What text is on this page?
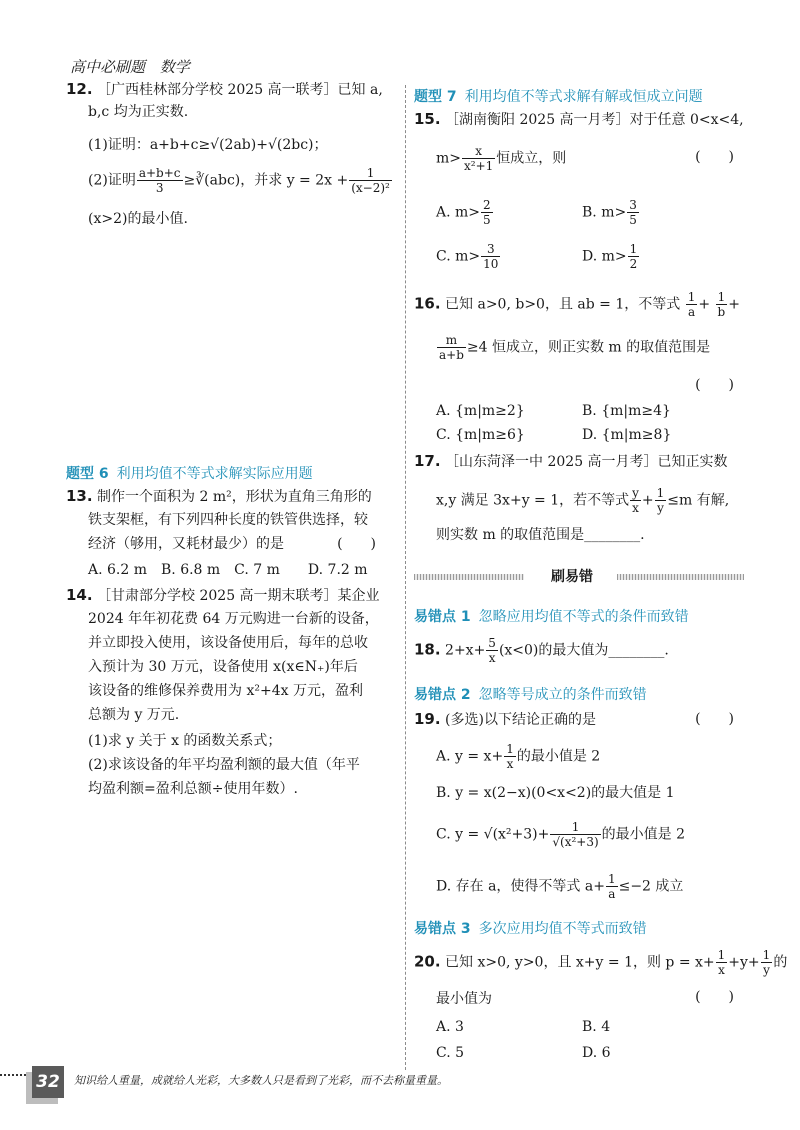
高中必刷题 数学
12. ［广西桂林部分学校 2025 高一联考］已知 a,
b,c 均为正实数.
(1)证明：a+b+c≥√(2ab)+√(2bc)；
(2)证明 $\frac{a+b+c}{3}$ ≥∛(abc)，并求 $y = 2x + \frac{1}{\text{(x−2)²}}$
(x>2)的最小值.
题型 6 利用均值不等式求解实际应用题
13. 制作一个面积为 2 m²，形状为直角三角形的
铁支架框，有下列四种长度的铁管供选择，较
经济（够用，又耗材最少）的是	(　　)
A. 6.2 m　B. 6.8 m　C. 7 m　　D. 7.2 m
14. ［甘肃部分学校 2025 高一期末联考］某企业
2024 年年初花费 64 万元购进一台新的设备，
并立即投入使用，该设备使用后，每年的总收
入预计为 30 万元，设备使用 x(x∈N₊)年后
该设备的维修保养费用为 x²+4x 万元，盈利
总额为 y 万元.
(1)求 y 关于 x 的函数关系式；
(2)求该设备的年平均盈利额的最大值（年平
均盈利额=盈利总额÷使用年数）.
题型 7 利用均值不等式求解有解或恒成立问题
15. ［湖南衡阳 2025 高一月考］对于任意 0<x<4,
$m> \frac{x}{\text{x²+1}}$ 恒成立，则	(　　)
A. $m> \frac{2}{5}$	B. $m> \frac{3}{5}$
C. $m> \frac{3}{10}$	D. $m> \frac{1}{2}$
16. 已知 a>0, b>0，且 ab = 1，不等式 $\frac{1}{a} + \frac{1}{b}$ +
$\frac{m}{a+b} \ge 4$ 恒成立，则正实数 m 的取值范围是
(　　)
A. {m|m≥2}	B. {m|m≥4}
C. {m|m≥6}	D. {m|m≥8}
17. ［山东菏泽一中 2025 高一月考］已知正实数
x,y 满足 3x+y = 1，若不等式 $\frac{y}{x} + \frac{1}{y} \le m$ 有解,
则实数 m 的取值范围是________.
刷易错
易错点 1 忽略应用均值不等式的条件而致错
18. $2+x+ \frac{5}{x} (x<0)$的最大值为________.
易错点 2 忽略等号成立的条件而致错
19. (多选)以下结论正确的是	(　　)
A. $y = x+ \frac{1}{x}$ 的最小值是 2
B. y = x(2−x)(0<x<2)的最大值是 1
C. $y = √(x^2+3)+ \frac{1}{\text{√(x²+3)}}$ 的最小值是 2
D. 存在 a，使得不等式 $a+ \frac{1}{a} \le-2$ 成立
易错点 3 多次应用均值不等式而致错
20. 已知 x>0, y>0，且 x+y = 1，则 $p = x+ \frac{1}{x} +y+ \frac{1}{y}$ 的
最小值为	(　　)
A. 3	B. 4
C. 5	D. 6
32	知识给人重量，成就给人光彩，大多数人只是看到了光彩，而不去称量重量。
